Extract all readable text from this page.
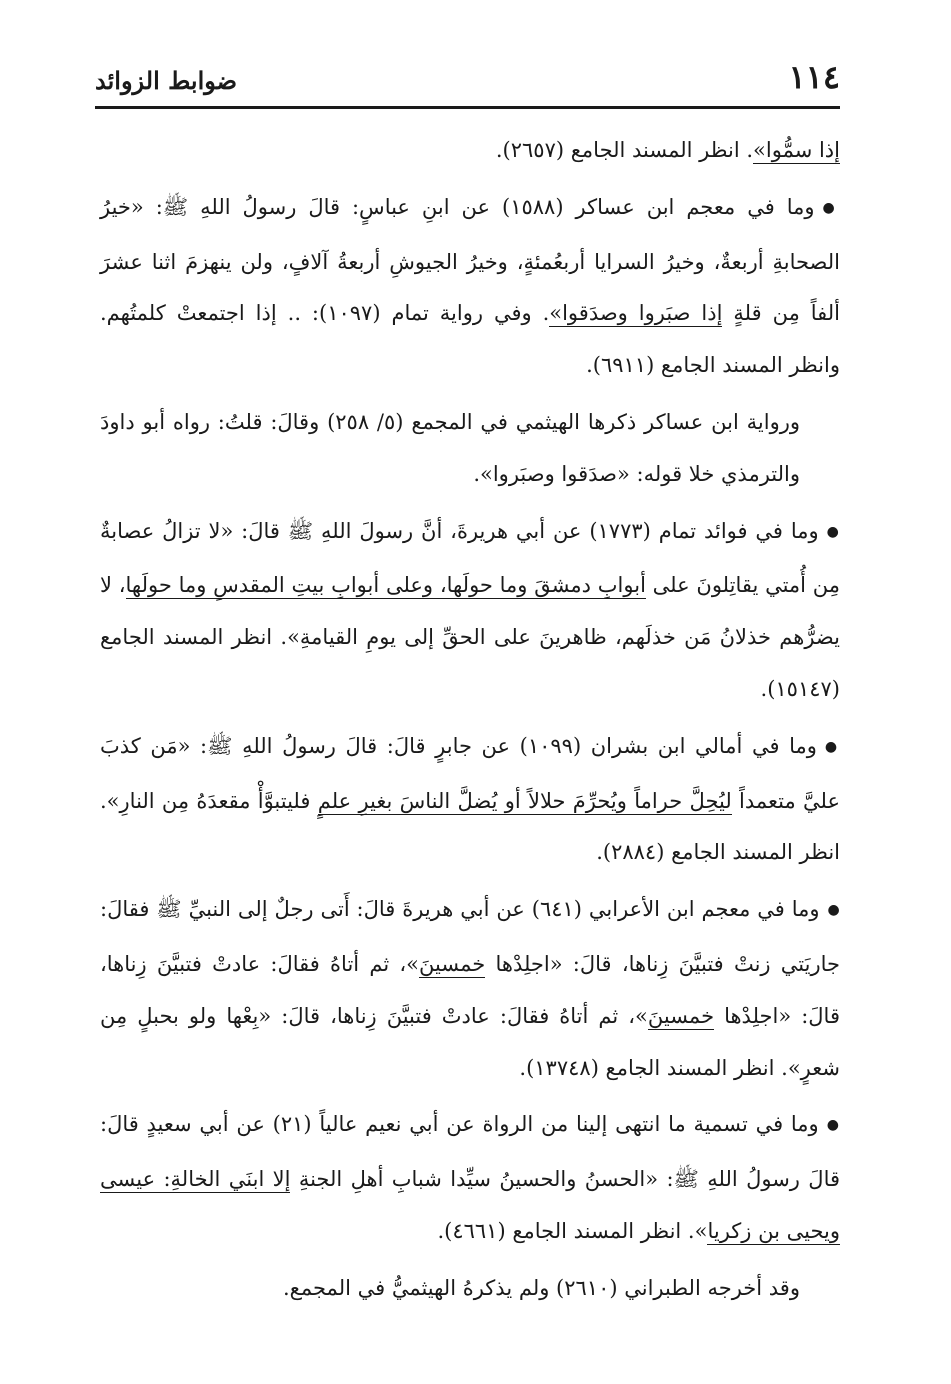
١١٤
ضوابط الزوائد

إذا سمُّوا». انظر المسند الجامع (٢٦٥٧).

●وما في معجم ابن عساكر (١٥٨٨) عن ابنِ عباسٍ: قالَ رسولُ اللهِ ﷺ: «خيرُ الصحابةِ أربعةٌ، وخيرُ السرايا أربعُمئةٍ، وخيرُ الجيوشِ أربعةُ آلافٍ، ولن ينهزمَ اثنا عشرَ ألفاً مِن قلةٍ إذا صبَروا وصدَقوا». وفي رواية تمام (١٠٩٧): .. إذا اجتمعتْ كلمتُهم. وانظر المسند الجامع (٦٩١١).

ورواية ابن عساكر ذكرها الهيثمي في المجمع (٥/ ٢٥٨) وقالَ: قلتُ: رواه أبو داودَ والترمذي خلا قوله: «صدَقوا وصبَروا».

●وما في فوائد تمام (١٧٧٣) عن أبي هريرةَ، أنَّ رسولَ اللهِ ﷺ قالَ: «لا تزالُ عصابةٌ مِن أُمتي يقاتِلونَ على أبوابِ دمشقَ وما حولَها، وعلى أبوابِ بيتِ المقدسِ وما حولَها، لا يضرُّهم خذلانُ مَن خذلَهم، ظاهرينَ على الحقِّ إلى يومِ القيامةِ». انظر المسند الجامع (١٥١٤٧).

●وما في أمالي ابن بشران (١٠٩٩) عن جابرٍ قالَ: قالَ رسولُ اللهِ ﷺ: «مَن كذبَ عليَّ متعمداً ليُحِلَّ حراماً ويُحرِّمَ حلالاً أو يُضلَّ الناسَ بغيرِ علمٍ فليتبوَّأْ مقعدَهُ مِن النارِ». انظر المسند الجامع (٢٨٨٤).

●وما في معجم ابن الأعرابي (٦٤١) عن أبي هريرةَ قالَ: أَتى رجلٌ إلى النبيِّ ﷺ فقالَ: جاريَتي زنتْ فتبيَّنَ زِناها، قالَ: «اجلِدْها خمسينَ»، ثم أتاهُ فقالَ: عادتْ فتبيَّنَ زِناها، قالَ: «اجلِدْها خمسينَ»، ثم أتاهُ فقالَ: عادتْ فتبيَّنَ زِناها، قالَ: «بِعْها ولو بحبلٍ مِن شعرٍ». انظر المسند الجامع (١٣٧٤٨).

●وما في تسمية ما انتهى إلينا من الرواة عن أبي نعيم عالياً (٢١) عن أبي سعيدٍ قالَ: قالَ رسولُ اللهِ ﷺ: «الحسنُ والحسينُ سيِّدا شبابِ أهلِ الجنةِ إلا ابنَي الخالةِ: عيسى ويحيى بن زكريا». انظر المسند الجامع (٤٦٦١).

وقد أخرجه الطبراني (٢٦١٠) ولم يذكرهُ الهيثميُّ في المجمع.
